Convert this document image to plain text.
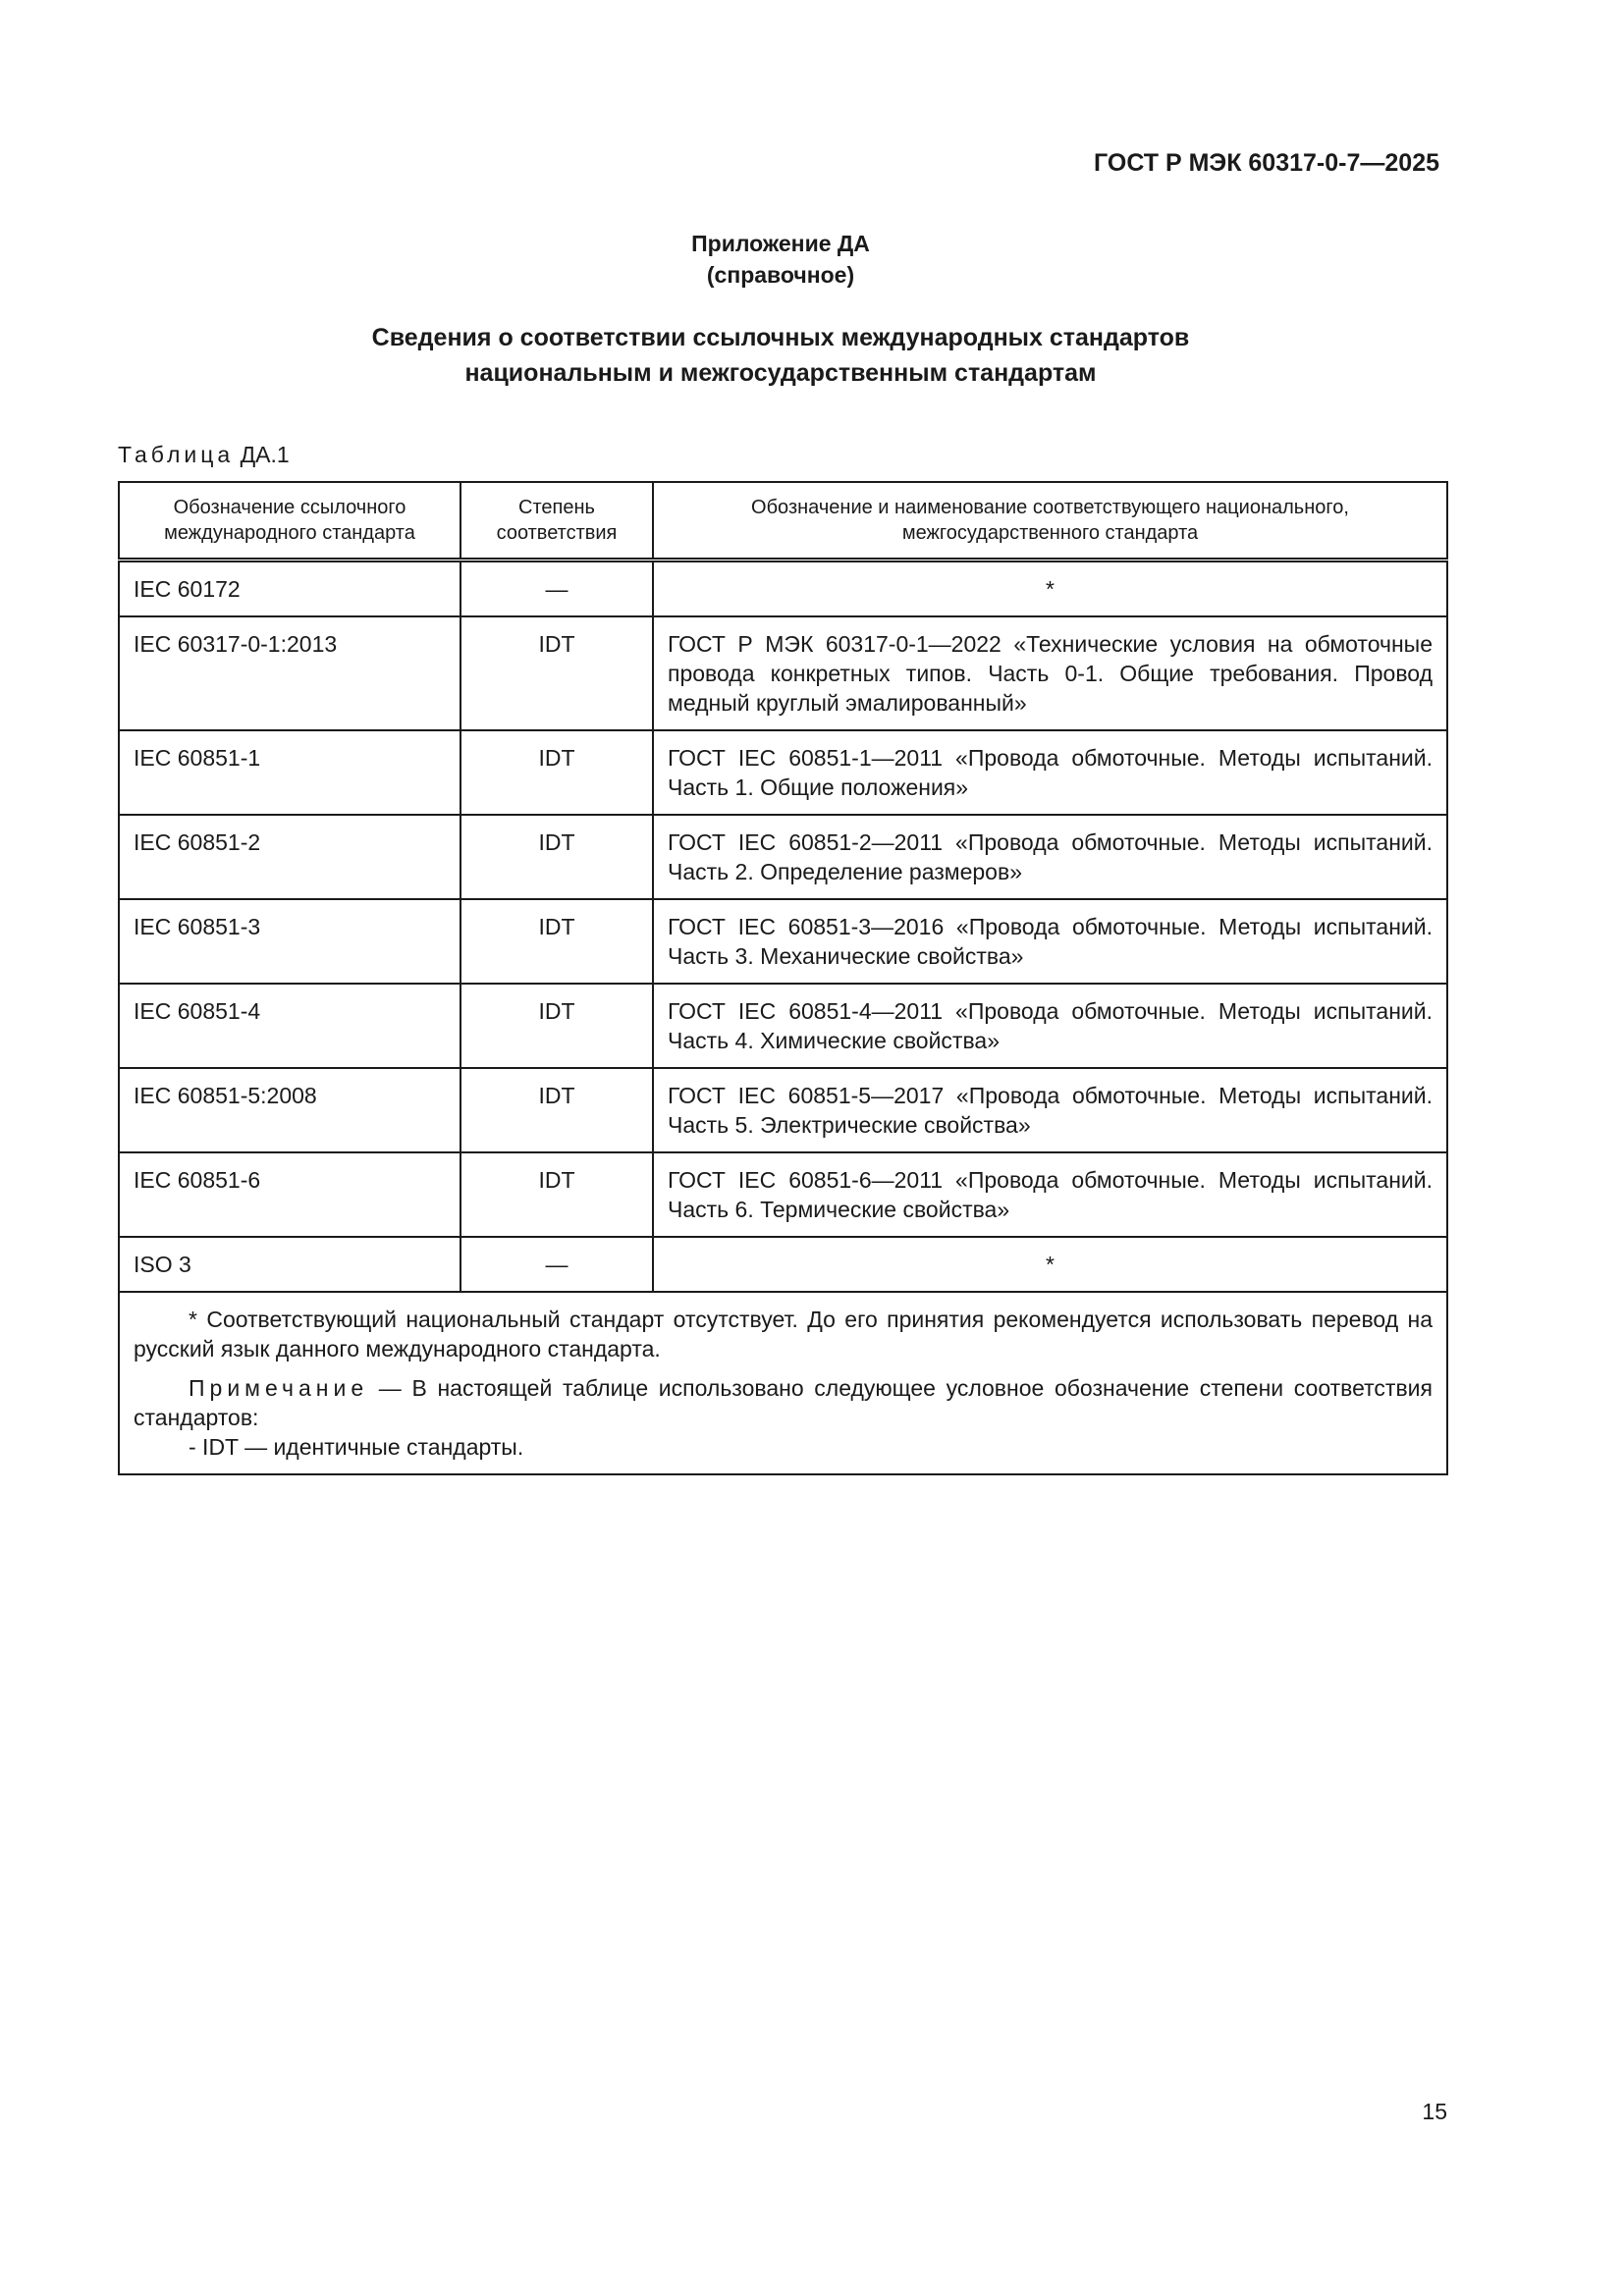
ГОСТ Р МЭК 60317-0-7—2025
Приложение ДА
(справочное)
Сведения о соответствии ссылочных международных стандартов
национальным и межгосударственным стандартам
Таблица ДА.1
Обозначение ссылочного международного стандарта	Степень соответствия	Обозначение и наименование соответствующего национального, межгосударственного стандарта
IEC 60172	—	*
IEC 60317-0-1:2013	IDT	ГОСТ Р МЭК 60317-0-1—2022 «Технические условия на обмоточные провода конкретных типов. Часть 0-1. Общие требования. Провод медный круглый эмалированный»
IEC 60851-1	IDT	ГОСТ IEC 60851-1—2011 «Провода обмоточные. Методы испытаний. Часть 1. Общие положения»
IEC 60851-2	IDT	ГОСТ IEC 60851-2—2011 «Провода обмоточные. Методы испытаний. Часть 2. Определение размеров»
IEC 60851-3	IDT	ГОСТ IEC 60851-3—2016 «Провода обмоточные. Методы испытаний. Часть 3. Механические свойства»
IEC 60851-4	IDT	ГОСТ IEC 60851-4—2011 «Провода обмоточные. Методы испытаний. Часть 4. Химические свойства»
IEC 60851-5:2008	IDT	ГОСТ IEC 60851-5—2017 «Провода обмоточные. Методы испытаний. Часть 5. Электрические свойства»
IEC 60851-6	IDT	ГОСТ IEC 60851-6—2011 «Провода обмоточные. Методы испытаний. Часть 6. Термические свойства»
ISO 3	—	*

* Соответствующий национальный стандарт отсутствует. До его принятия рекомендуется использовать перевод на русский язык данного международного стандарта.

Примечание — В настоящей таблице использовано следующее условное обозначение степени соответствия стандартов:

- IDT — идентичные стандарты.		

15
